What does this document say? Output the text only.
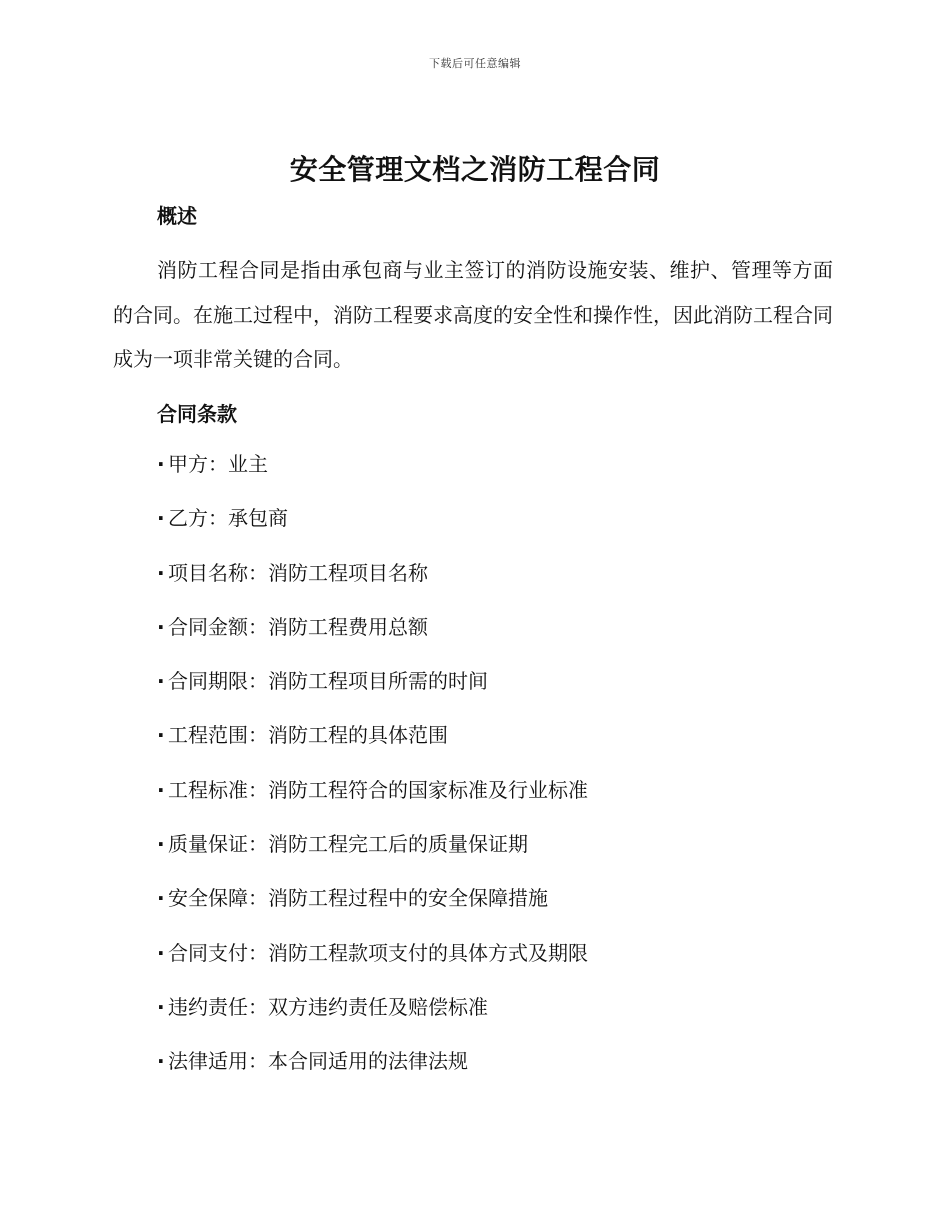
下载后可任意编辑
安全管理文档之消防工程合同
概述

消防工程合同是指由承包商与业主签订的消防设施安装、维护、管理等方面的合同。在施工过程中，消防工程要求高度的安全性和操作性，因此消防工程合同成为一项非常关键的合同。

合同条款
· 甲方：业主
· 乙方：承包商
· 项目名称：消防工程项目名称
· 合同金额：消防工程费用总额
· 合同期限：消防工程项目所需的时间
· 工程范围：消防工程的具体范围
· 工程标准：消防工程符合的国家标准及行业标准
· 质量保证：消防工程完工后的质量保证期
· 安全保障：消防工程过程中的安全保障措施
· 合同支付：消防工程款项支付的具体方式及期限
· 违约责任：双方违约责任及赔偿标准
· 法律适用：本合同适用的法律法规
